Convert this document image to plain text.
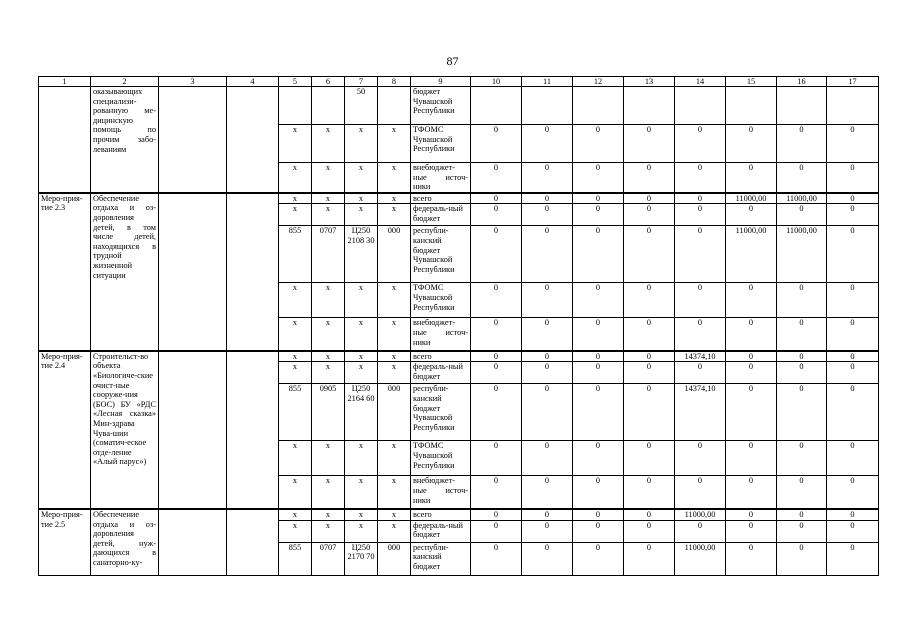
87
1	2	3	4	5	6	7	8	9	10	11	12	13	14	15	16	17
	оказывающих специализи-рованную ме-дицинскую помощь по прочим забо-леваниям					50		бюджет Чувашской Республики								
				х	х	х	х	ТФОМС Чувашской Республики	0	0	0	0	0	0	0	0
				х	х	х	х	внебюджет-ные источ-ники	0	0	0	0	0	0	0	0
Меро-прия-тие 2.3	Обеспечение отдыха и оз-доровления детей, в том числе детей, находящихся в трудной жизненной ситуации			х	х	х	х	всего	0	0	0	0	0	11000,00	11000,00	0
				х	х	х	х	федераль-ный бюджет	0	0	0	0	0	0	0	0
				855	0707	Ц250 2108 30	000	республи-канский бюджет Чувашской Республики	0	0	0	0	0	11000,00	11000,00	0
				х	х	х	х	ТФОМС Чувашской Республики	0	0	0	0	0	0	0	0
				х	х	х	х	внебюджет-ные источ-ники	0	0	0	0	0	0	0	0
Меро-прия-тие 2.4	Строительст-во объекта «Биологиче-ские очист-ные сооруже-ния (БОС) БУ «РДС «Лесная сказка» Мин-здрава Чува-шии (соматич-еское отде-ление «Алый парус»)			х	х	х	х	всего	0	0	0	0	14374,10	0	0	0
				х	х	х	х	федераль-ный бюджет	0	0	0	0	0	0	0	0
				855	0905	Ц250 2164 60	000	республи-канский бюджет Чувашской Республики	0	0	0	0	14374,10	0	0	0
				х	х	х	х	ТФОМС Чувашской Республики	0	0	0	0	0	0	0	0
				х	х	х	х	внебюджет-ные источ-ники	0	0	0	0	0	0	0	0
Меро-прия-тие 2.5	Обеспечение отдыха и оз-доровления детей, нуж-дающихся в санаторно-ку-			х	х	х	х	всего	0	0	0	0	11000,00	0	0	0
				х	х	х	х	федераль-ный бюджет	0	0	0	0	0	0	0	0
				855	0707	Ц250 2170 70	000	республи-канский бюджет	0	0	0	0	11000,00	0	0	0
